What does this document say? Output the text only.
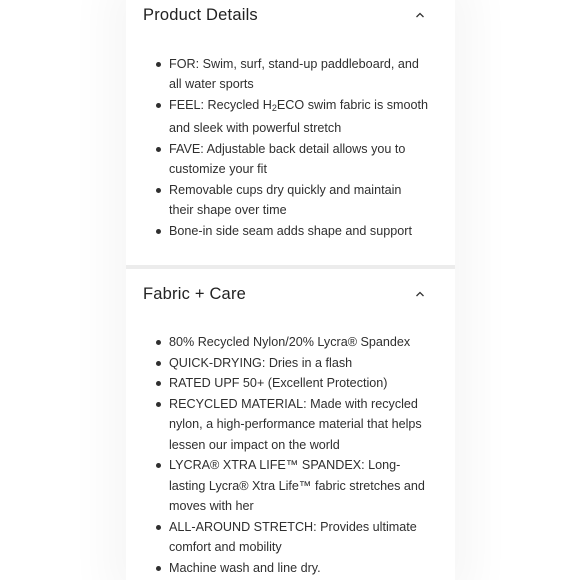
Product Details
FOR: Swim, surf, stand-up paddleboard, and all water sports
FEEL: Recycled $H_2ECO$ swim fabric is smooth and sleek with powerful stretch
FAVE: Adjustable back detail allows you to customize your fit
Removable cups dry quickly and maintain their shape over time
Bone-in side seam adds shape and support
Fabric + Care
80% Recycled Nylon/20% Lycra® Spandex
QUICK-DRYING: Dries in a flash
RATED UPF 50+ (Excellent Protection)
RECYCLED MATERIAL: Made with recycled nylon, a high-performance material that helps lessen our impact on the world
LYCRA® XTRA LIFE™ SPANDEX: Long-lasting Lycra® Xtra Life™ fabric stretches and moves with her
ALL-AROUND STRETCH: Provides ultimate comfort and mobility
Machine wash and line dry.
